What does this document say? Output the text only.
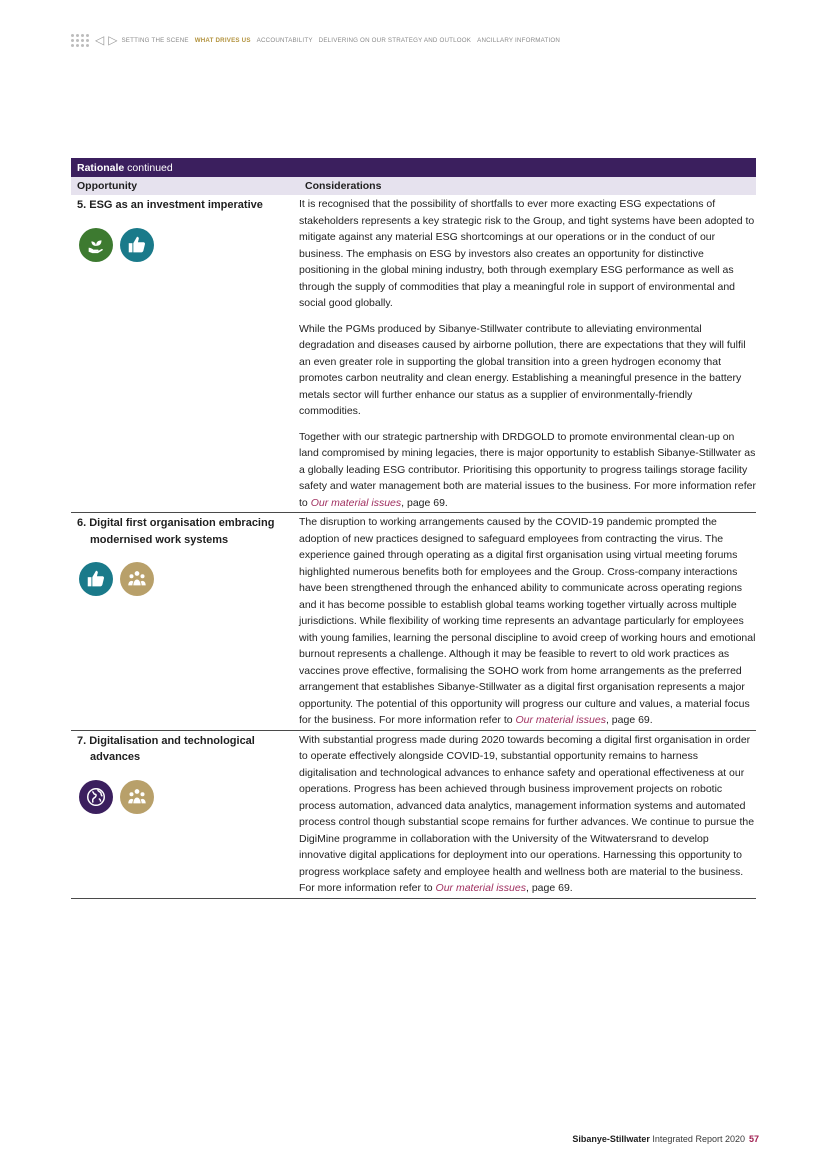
◁ ▷ SETTING THE SCENE WHAT DRIVES US ACCOUNTABILITY DELIVERING ON OUR STRATEGY AND OUTLOOK ANCILLARY INFORMATION
Rationale continued
Opportunity	Considerations
5. ESG as an investment imperative	It is recognised that the possibility of shortfalls to ever more exacting ESG expectations of stakeholders represents a key strategic risk to the Group, and tight systems have been adopted to mitigate against any material ESG shortcomings at our operations or in the conduct of our business. The emphasis on ESG by investors also creates an opportunity for distinctive positioning in the global mining industry, both through exemplary ESG performance as well as through the supply of commodities that play a meaningful role in support of environmental and social good globally.

While the PGMs produced by Sibanye-Stillwater contribute to alleviating environmental degradation and diseases caused by airborne pollution, there are expectations that they will fulfil an even greater role in supporting the global transition into a green hydrogen economy that promotes carbon neutrality and clean energy. Establishing a meaningful presence in the battery metals sector will further enhance our status as a supplier of environmentally-friendly commodities.

Together with our strategic partnership with DRDGOLD to promote environmental clean-up on land compromised by mining legacies, there is major opportunity to establish Sibanye-Stillwater as a globally leading ESG contributor. Prioritising this opportunity to progress tailings storage facility safety and water management both are material issues to the business. For more information refer to Our material issues, page 69.

6. Digital first organisation embracing modernised work systems

The disruption to working arrangements caused by the COVID-19 pandemic prompted the adoption of new practices designed to safeguard employees from contracting the virus. The experience gained through operating as a digital first organisation using virtual meeting forums highlighted numerous benefits both for employees and the Group. Cross-company interactions have been strengthened through the enhanced ability to communicate across operating regions and it has become possible to establish global teams working together virtually across multiple jurisdictions. While flexibility of working time represents an advantage particularly for employees with young families, learning the personal discipline to avoid creep of working hours and emotional burnout represents a challenge. Although it may be feasible to revert to old work practices as vaccines prove effective, formalising the SOHO work from home arrangements as the preferred arrangement that establishes Sibanye-Stillwater as a digital first organisation represents a major opportunity. The potential of this opportunity will progress our culture and values, a material focus for the business. For more information refer to Our material issues, page 69.

7. Digitalisation and technological advances

With substantial progress made during 2020 towards becoming a digital first organisation in order to operate effectively alongside COVID-19, substantial opportunity remains to harness digitalisation and technological advances to enhance safety and operational effectiveness at our operations. Progress has been achieved through business improvement projects on robotic process automation, advanced data analytics, management information systems and automated process control though substantial scope remains for further advances. We continue to pursue the DigiMine programme in collaboration with the University of the Witwatersrand to develop innovative digital applications for deployment into our operations. Harnessing this opportunity to progress workplace safety and employee health and wellness both are material to the business. For more information refer to Our material issues, page 69.

Sibanye-Stillwater Integrated Report 2020 57
